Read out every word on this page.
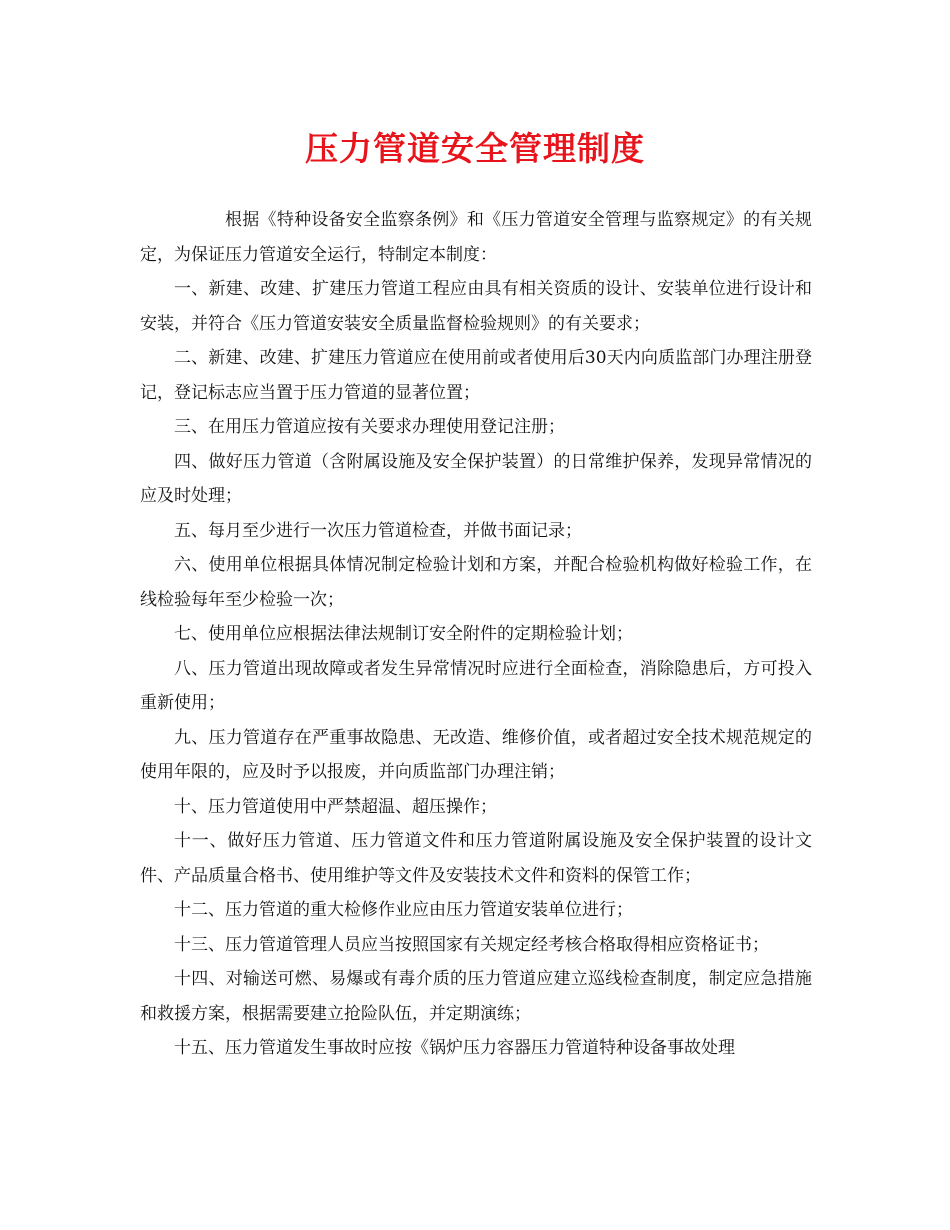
压力管道安全管理制度

根据《特种设备安全监察条例》和《压力管道安全管理与监察规定》的有关规定，为保证压力管道安全运行，特制定本制度：

一、新建、改建、扩建压力管道工程应由具有相关资质的设计、安装单位进行设计和安装，并符合《压力管道安装安全质量监督检验规则》的有关要求；

二、新建、改建、扩建压力管道应在使用前或者使用后30天内向质监部门办理注册登记，登记标志应当置于压力管道的显著位置；

三、在用压力管道应按有关要求办理使用登记注册；

四、做好压力管道（含附属设施及安全保护装置）的日常维护保养，发现异常情况的应及时处理；

五、每月至少进行一次压力管道检查，并做书面记录；

六、使用单位根据具体情况制定检验计划和方案，并配合检验机构做好检验工作，在线检验每年至少检验一次；

七、使用单位应根据法律法规制订安全附件的定期检验计划；

八、压力管道出现故障或者发生异常情况时应进行全面检查，消除隐患后，方可投入重新使用；

九、压力管道存在严重事故隐患、无改造、维修价值，或者超过安全技术规范规定的使用年限的，应及时予以报废，并向质监部门办理注销；

十、压力管道使用中严禁超温、超压操作；

十一、做好压力管道、压力管道文件和压力管道附属设施及安全保护装置的设计文件、产品质量合格书、使用维护等文件及安装技术文件和资料的保管工作；

十二、压力管道的重大检修作业应由压力管道安装单位进行；

十三、压力管道管理人员应当按照国家有关规定经考核合格取得相应资格证书；

十四、对输送可燃、易爆或有毒介质的压力管道应建立巡线检查制度，制定应急措施和救援方案，根据需要建立抢险队伍，并定期演练；

十五、压力管道发生事故时应按《锅炉压力容器压力管道特种设备事故处理
